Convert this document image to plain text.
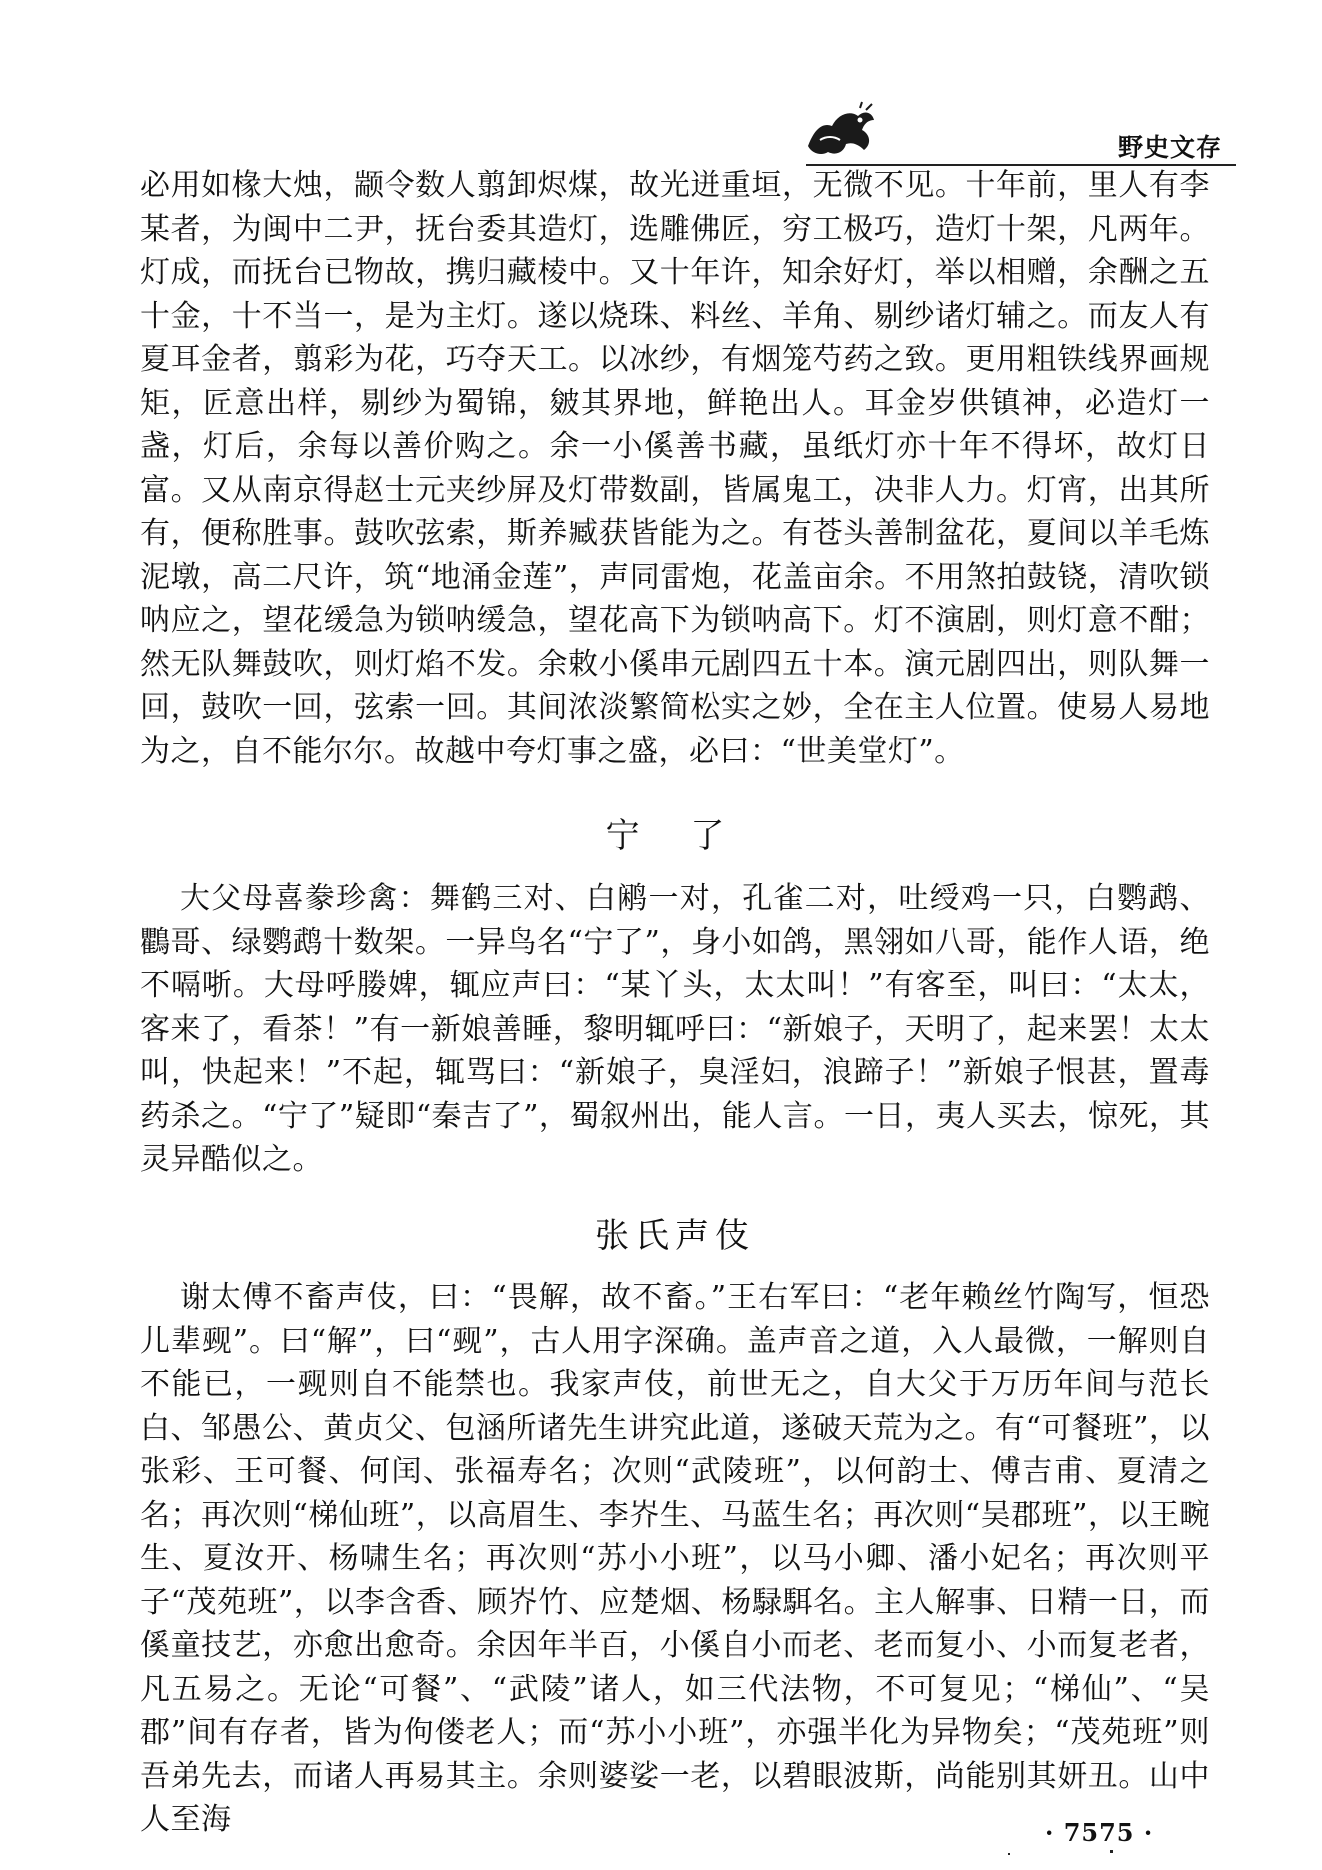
野史文存

必用如椽大烛，颛令数人翦卸烬煤，故光迸重垣，无微不见。十年前，里人有李某者，为闽中二尹，抚台委其造灯，选雕佛匠，穷工极巧，造灯十架，凡两年。灯成，而抚台已物故，携归藏棱中。又十年许，知余好灯，举以相赠，余酬之五十金，十不当一，是为主灯。遂以烧珠、料丝、羊角、剔纱诸灯辅之。而友人有夏耳金者，翦彩为花，巧夺天工。以冰纱，有烟笼芍药之致。更用粗铁线界画规矩，匠意出样，剔纱为蜀锦，皴其界地，鲜艳出人。耳金岁供镇神，必造灯一盏，灯后，余每以善价购之。余一小傒善书藏，虽纸灯亦十年不得坏，故灯日富。又从南京得赵士元夹纱屏及灯带数副，皆属鬼工，决非人力。灯宵，出其所有，便称胜事。鼓吹弦索，斯养臧获皆能为之。有苍头善制盆花，夏间以羊毛炼泥墩，高二尺许，筑“地涌金莲”，声同雷炮，花盖亩余。不用煞拍鼓铙，清吹锁呐应之，望花缓急为锁呐缓急，望花高下为锁呐高下。灯不演剧，则灯意不酣；然无队舞鼓吹，则灯焰不发。余敕小傒串元剧四五十本。演元剧四出，则队舞一回，鼓吹一回，弦索一回。其间浓淡繁简松实之妙，全在主人位置。使易人易地为之，自不能尔尔。故越中夸灯事之盛，必曰：“世美堂灯”。

宁 了

大父母喜豢珍禽：舞鹤三对、白鹇一对，孔雀二对，吐绶鸡一只，白鹦鹉、鸜哥、绿鹦鹉十数架。一异鸟名“宁了”，身小如鸽，黑翎如八哥，能作人语，绝不嗝哳。大母呼媵婢，辄应声曰：“某丫头，太太叫！”有客至，叫曰：“太太，客来了，看茶！”有一新娘善睡，黎明辄呼曰：“新娘子，天明了，起来罢！太太叫，快起来！”不起，辄骂曰：“新娘子，臭淫妇，浪蹄子！”新娘子恨甚，置毒药杀之。“宁了”疑即“秦吉了”，蜀叙州出，能人言。一日，夷人买去，惊死，其灵异酷似之。

张氏声伎

谢太傅不畜声伎，曰：“畏解，故不畜。”王右军曰：“老年赖丝竹陶写，恒恐儿辈觋”。曰“解”，曰“觋”，古人用字深确。盖声音之道，入人最微，一解则自不能已，一觋则自不能禁也。我家声伎，前世无之，自大父于万历年间与范长白、邹愚公、黄贞父、包涵所诸先生讲究此道，遂破天荒为之。有“可餐班”，以张彩、王可餐、何闰、张福寿名；次则“武陵班”，以何韵士、傅吉甫、夏清之名；再次则“梯仙班”，以高眉生、李岕生、马蓝生名；再次则“吴郡班”，以王畹生、夏汝开、杨啸生名；再次则“苏小小班”，以马小卿、潘小妃名；再次则平子“茂苑班”，以李含香、顾岕竹、应楚烟、杨騄駬名。主人解事、日精一日，而傒童技艺，亦愈出愈奇。余因年半百，小傒自小而老、老而复小、小而复老者，凡五易之。无论“可餐”、“武陵”诸人，如三代法物，不可复见；“梯仙”、“吴郡”间有存者，皆为佝偻老人；而“苏小小班”，亦强半化为异物矣；“茂苑班”则吾弟先去，而诸人再易其主。余则婆娑一老，以碧眼波斯，尚能别其妍丑。山中人至海	· 7575 ·
